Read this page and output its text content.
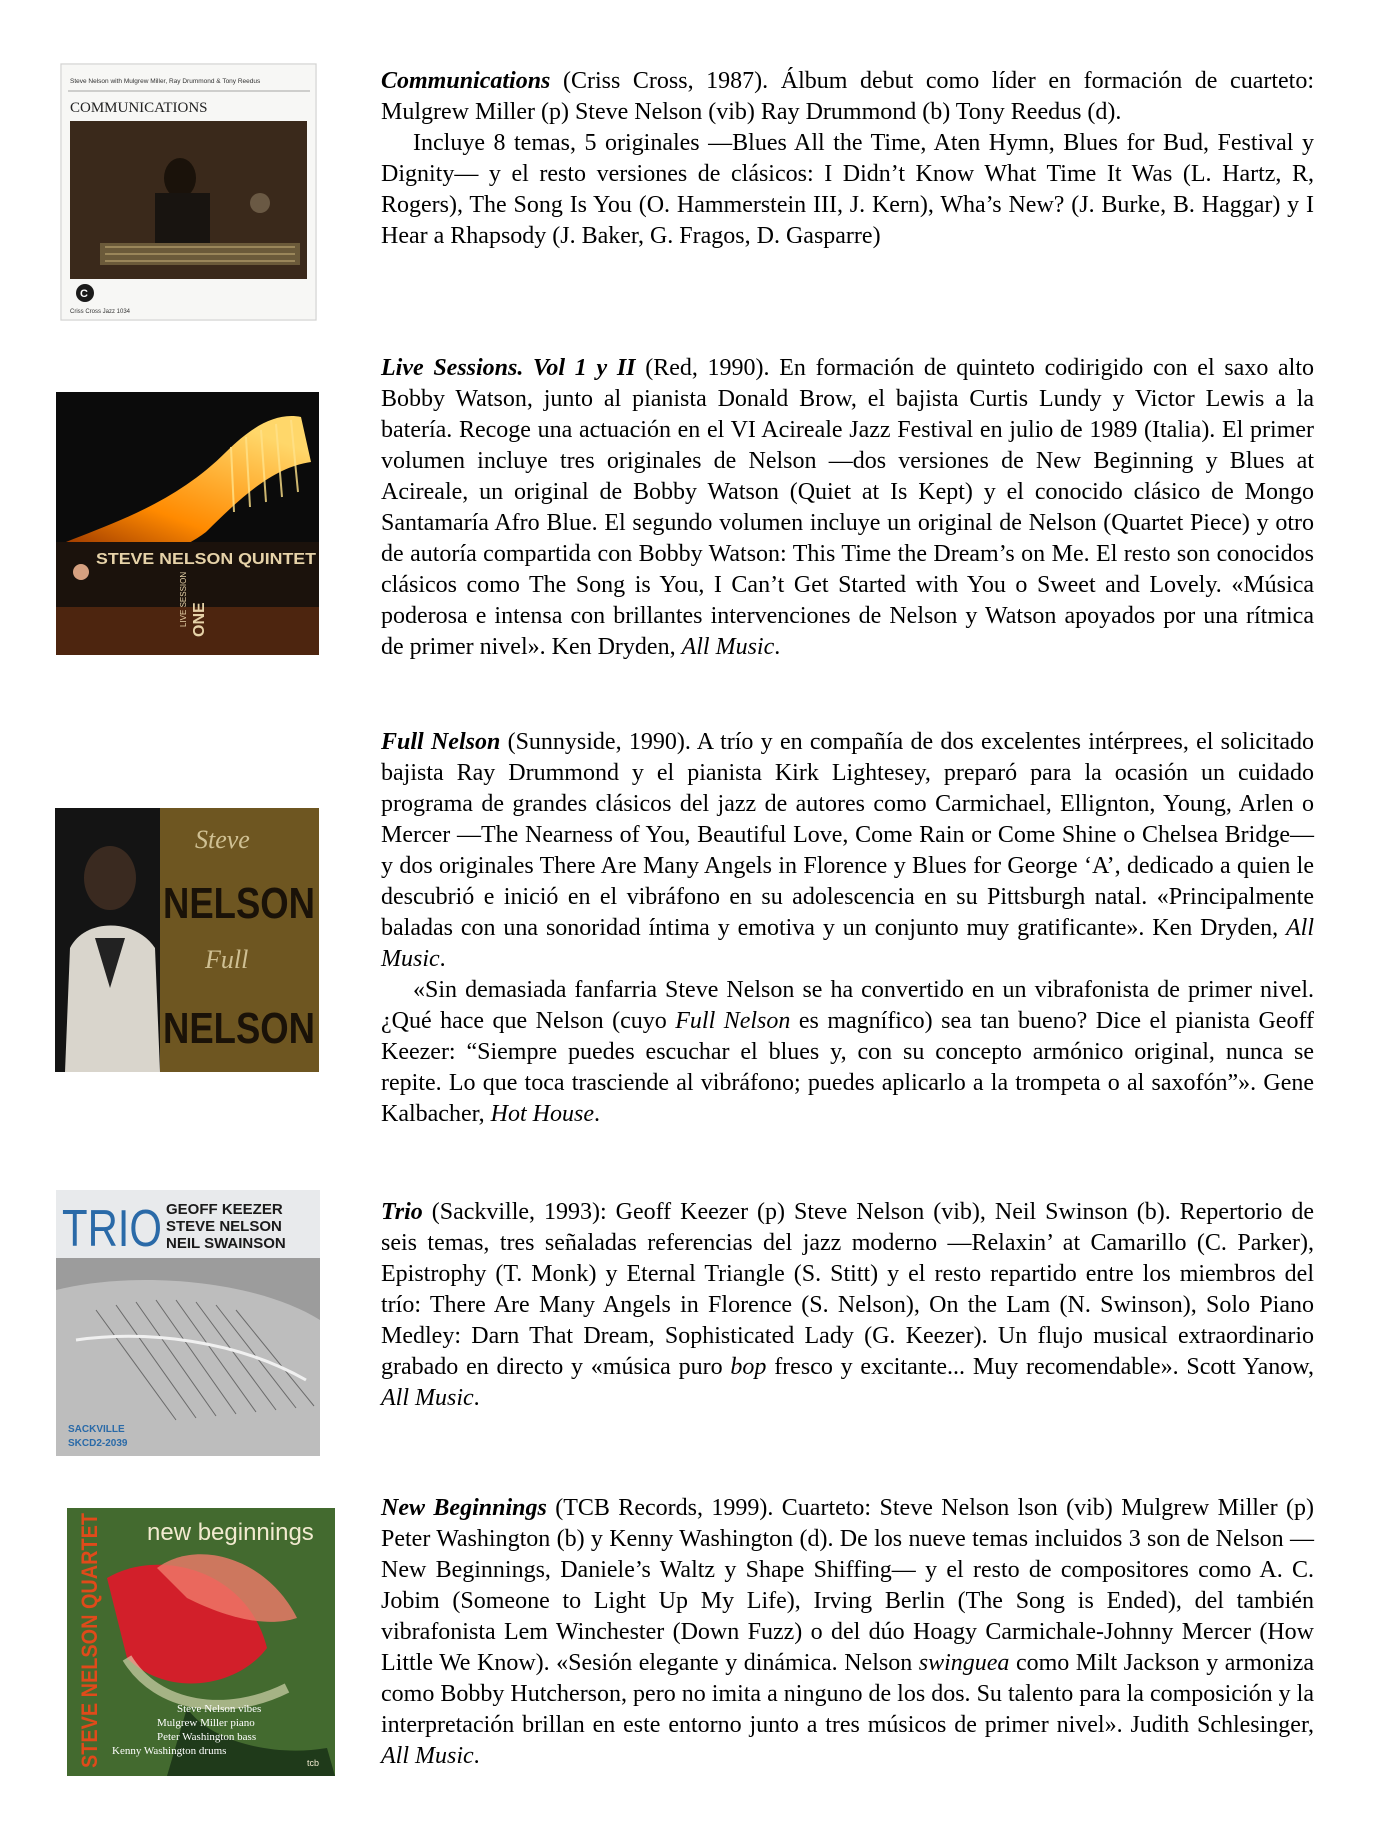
Steve Nelson with Mulgrew Miller, Ray Drummond & Tony Reedus
COMMUNICATIONS
C
Criss Cross Jazz 1034

Communications (Criss Cross, 1987). Álbum debut como líder en formación de cuarteto: Mulgrew Miller (p) Steve Nelson (vib) Ray Drummond (b) Tony Reedus (d).

Incluye 8 temas, 5 originales —Blues All the Time, Aten Hymn, Blues for Bud, Festival y Dignity— y el resto versiones de clásicos: I Didn’t Know What Time It Was (L. Hartz, R, Rogers), The Song Is You (O. Hammerstein III, J. Kern), Wha’s New? (J. Burke, B. Haggar) y I Hear a Rhapsody (J. Baker, G. Fragos, D. Gasparre)

STEVE NELSON QUINTET
LIVE SESSION ONE

Live Sessions. Vol 1 y II (Red, 1990). En formación de quinteto codirigido con el saxo alto Bobby Watson, junto al pianista Donald Brow, el bajista Curtis Lundy y Victor Lewis a la batería. Recoge una actuación en el VI Acireale Jazz Festival en julio de 1989 (Italia). El primer volumen incluye tres originales de Nelson —dos versiones de New Beginning y Blues at Acireale, un original de Bobby Watson (Quiet at Is Kept) y el conocido clásico de Mongo Santamaría Afro Blue. El segundo volumen incluye un original de Nelson (Quartet Piece) y otro de autoría compartida con Bobby Watson: This Time the Dream’s on Me. El resto son conocidos clásicos como The Song is You, I Can’t Get Started with You o Sweet and Lovely. «Música poderosa e intensa con brillantes intervenciones de Nelson y Watson apoyados por una rítmica de primer nivel». Ken Dryden, All Music.

Steve
NELSON
Full
NELSON

Full Nelson (Sunnyside, 1990). A trío y en compañía de dos excelentes intérprees, el solicitado bajista Ray Drummond y el pianista Kirk Lightesey, preparó para la ocasión un cuidado programa de grandes clásicos del jazz de autores como Carmichael, Ellignton, Young, Arlen o Mercer —The Nearness of You, Beautiful Love, Come Rain or Come Shine o Chelsea Bridge— y dos originales There Are Many Angels in Florence y Blues for George ‘A’, dedicado a quien le descubrió e inició en el vibráfono en su adolescencia en su Pittsburgh natal. «Principalmente baladas con una sonoridad íntima y emotiva y un conjunto muy gratificante». Ken Dryden, All Music.

«Sin demasiada fanfarria Steve Nelson se ha convertido en un vibrafonista de primer nivel. ¿Qué hace que Nelson (cuyo Full Nelson es magnífico) sea tan bueno? Dice el pianista Geoff Keezer: “Siempre puedes escuchar el blues y, con su concepto armónico original, nunca se repite. Lo que toca trasciende al vibráfono; puedes aplicarlo a la trompeta o al saxofón”». Gene Kalbacher, Hot House.

TRIO GEOFF KEEZER
STEVE NELSON
NEIL SWAINSON
SACKVILLE
SKCD2-2039

Trio (Sackville, 1993): Geoff Keezer (p) Steve Nelson (vib), Neil Swinson (b). Repertorio de seis temas, tres señaladas referencias del jazz moderno —Relaxin’ at Camarillo (C. Parker), Epistrophy (T. Monk) y Eternal Triangle (S. Stitt) y el resto repartido entre los miembros del trío: There Are Many Angels in Florence (S. Nelson), On the Lam (N. Swinson), Solo Piano Medley: Darn That Dream, Sophisticated Lady (G. Keezer). Un flujo musical extraordinario grabado en directo y «música puro bop fresco y excitante... Muy recomendable». Scott Yanow, All Music.

STEVE NELSON QUARTET new beginnings
Steve Nelson vibes
Mulgrew Miller piano
Peter Washington bass
Kenny Washington drums
tcb

New Beginnings (TCB Records, 1999). Cuarteto: Steve Nelson lson (vib) Mulgrew Miller (p) Peter Washington (b) y Kenny Washington (d). De los nueve temas incluidos 3 son de Nelson —New Beginnings, Daniele’s Waltz y Shape Shiffing— y el resto de compositores como A. C. Jobim (Someone to Light Up My Life), Irving Berlin (The Song is Ended), del también vibrafonista Lem Winchester (Down Fuzz) o del dúo Hoagy Carmichale-Johnny Mercer (How Little We Know). «Sesión elegante y dinámica. Nelson swinguea como Milt Jackson y armoniza como Bobby Hutcherson, pero no imita a ninguno de los dos. Su talento para la composición y la interpretación brillan en este entorno junto a tres músicos de primer nivel». Judith Schlesinger, All Music.
